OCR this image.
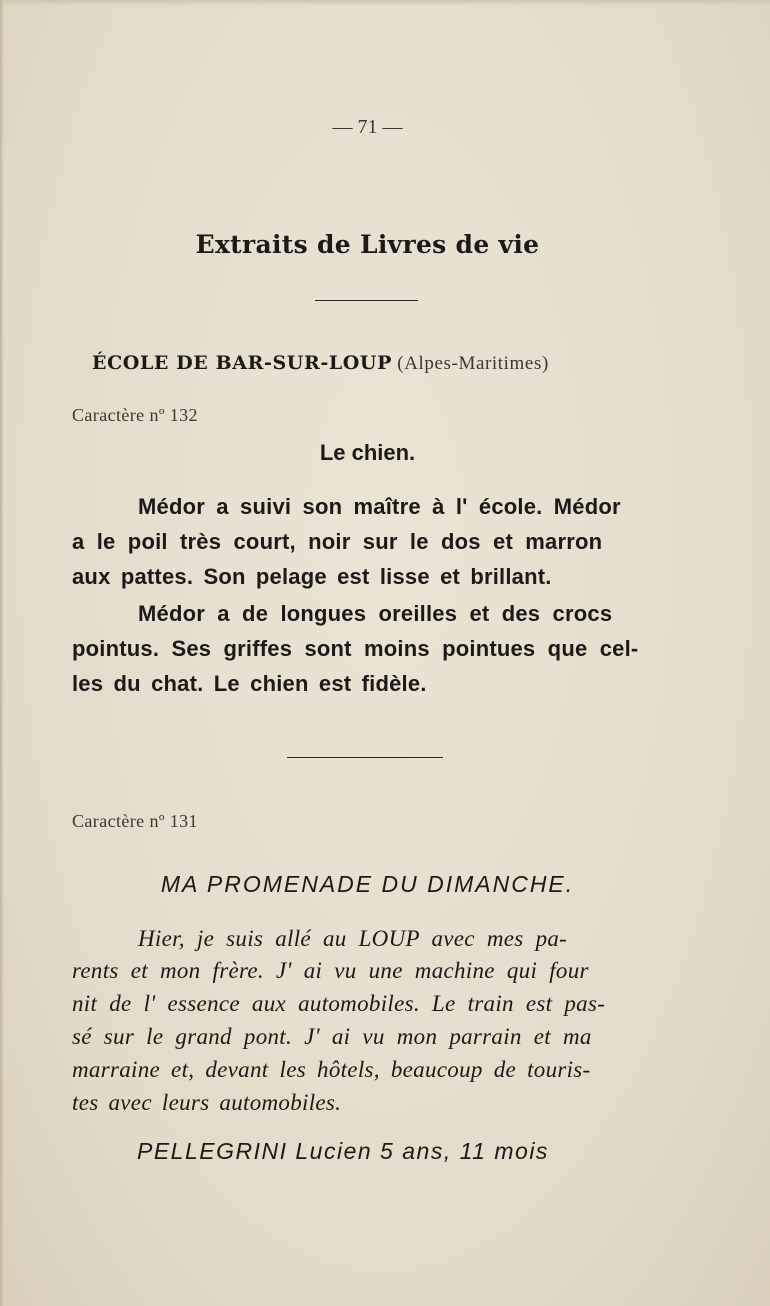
— 71 —
Extraits de Livres de vie
ÉCOLE DE BAR-SUR-LOUP (Alpes-Maritimes)
Caractère nº 132
Le chien.
Médor a suivi son maître à l' école. Médor
a le poil très court, noir sur le dos et marron
aux pattes. Son pelage est lisse et brillant.
Médor a de longues oreilles et des crocs
pointus. Ses griffes sont moins pointues que cel-
les du chat. Le chien est fidèle.
Caractère nº 131
MA PROMENADE DU DIMANCHE.
Hier, je suis allé au LOUP avec mes pa-
rents et mon frère. J' ai vu une machine qui four
nit de l' essence aux automobiles. Le train est pas-
sé sur le grand pont. J' ai vu mon parrain et ma
marraine et, devant les hôtels, beaucoup de touris-
tes avec leurs automobiles.
PELLEGRINI Lucien 5 ans, 11 mois
